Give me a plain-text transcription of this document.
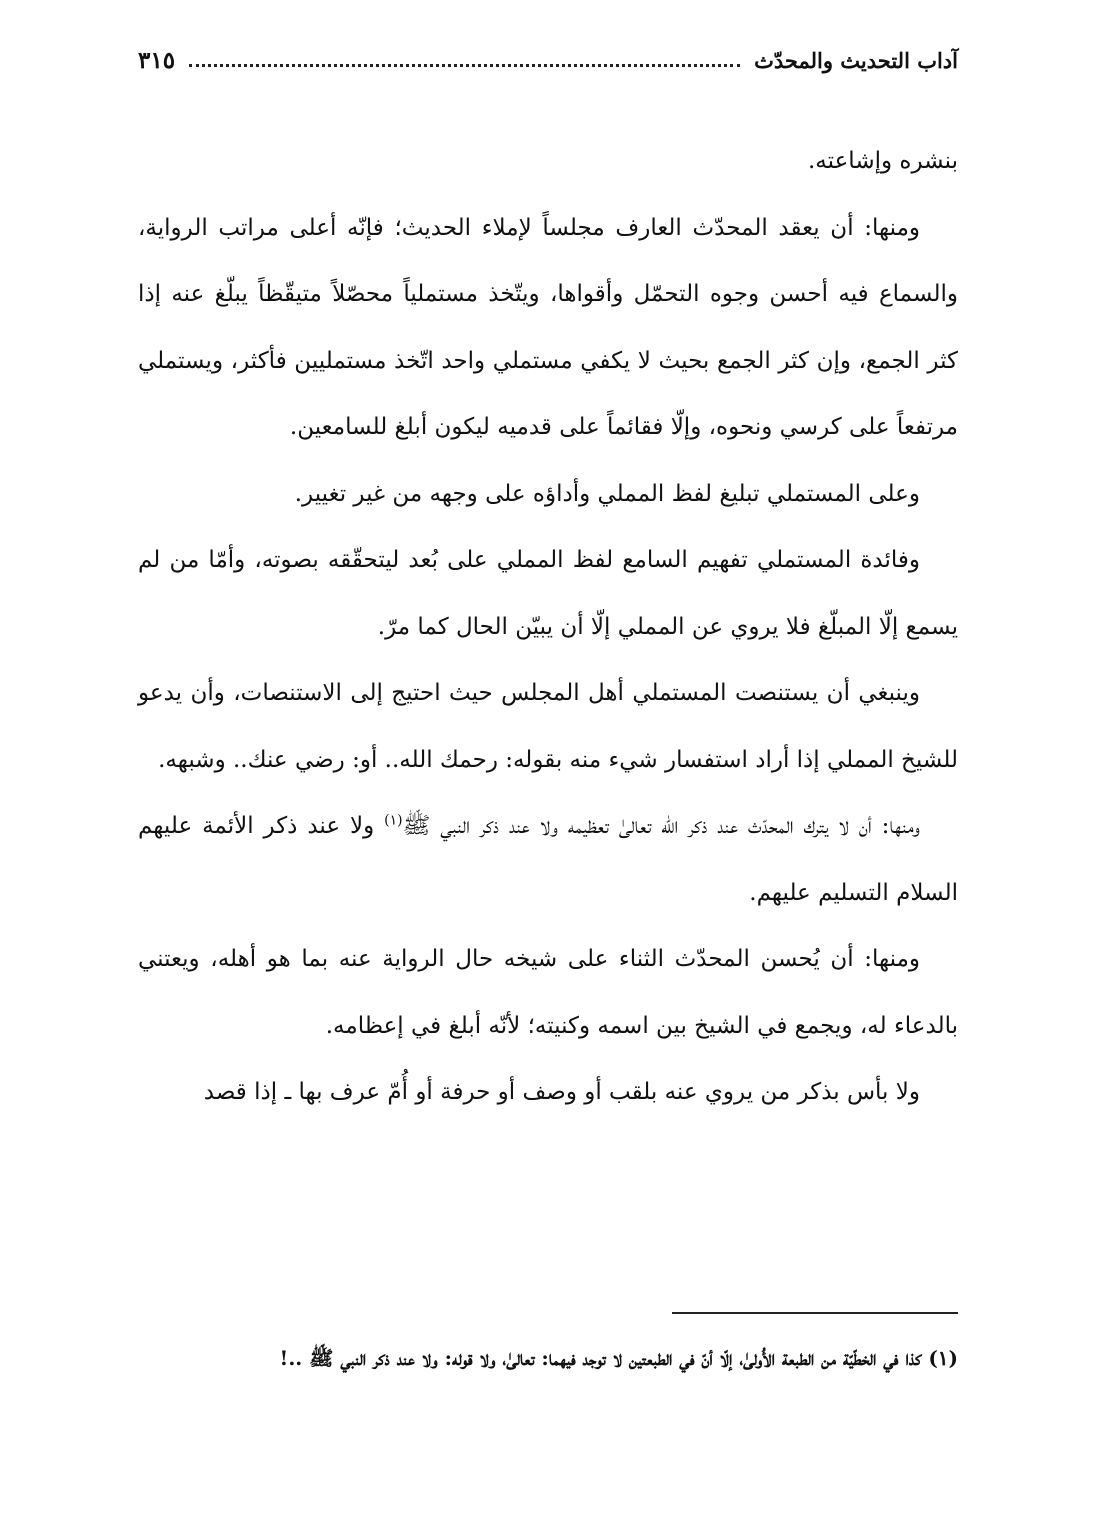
آداب التحديث والمحدّث
٣١٥

بنشره وإشاعته.

ومنها: أن يعقد المحدّث العارف مجلساً لإملاء الحديث؛ فإنّه أعلى مراتب الرواية، والسماع فيه أحسن وجوه التحمّل وأقواها، ويتّخذ مستملياً محصّلاً متيقّظاً يبلّغ عنه إذا كثر الجمع، وإن كثر الجمع بحيث لا يكفي مستملي واحد اتّخذ مستمليين فأكثر، ويستملي مرتفعاً على كرسي ونحوه، وإلّا فقائماً على قدميه ليكون أبلغ للسامعين.

وعلى المستملي تبليغ لفظ المملي وأداؤه على وجهه من غير تغيير.

وفائدة المستملي تفهيم السامع لفظ المملي على بُعد ليتحقّقه بصوته، وأمّا من لم يسمع إلّا المبلّغ فلا يروي عن المملي إلّا أن يبيّن الحال كما مرّ.

وينبغي أن يستنصت المستملي أهل المجلس حيث احتيج إلى الاستنصات، وأن يدعو للشيخ المملي إذا أراد استفسار شيء منه بقوله: رحمك الله.. أو: رضي عنك.. وشبهه.

ومنها: أن لا يترك المحدّث عند ذكر الله تعالىٰ تعظيمه ولا عند ذكر النبي ﷺ$^{(١)}$ ولا عند ذكر الأئمة عليهم السلام التسليم عليهم.

ومنها: أن يُحسن المحدّث الثناء على شيخه حال الرواية عنه بما هو أهله، ويعتني بالدعاء له، ويجمع في الشيخ بين اسمه وكنيته؛ لأنّه أبلغ في إعظامه.

ولا بأس بذكر من يروي عنه بلقب أو وصف أو حرفة أو أُمّ عرف بها ـ إذا قصد

(١) كذا في الخطّيّة من الطبعة الأُولىٰ، إلّا أنّ في الطبعتين لا توجد فيهما: تعالىٰ، ولا قوله: ولا عند ذكر النبي ﷺ ..!
